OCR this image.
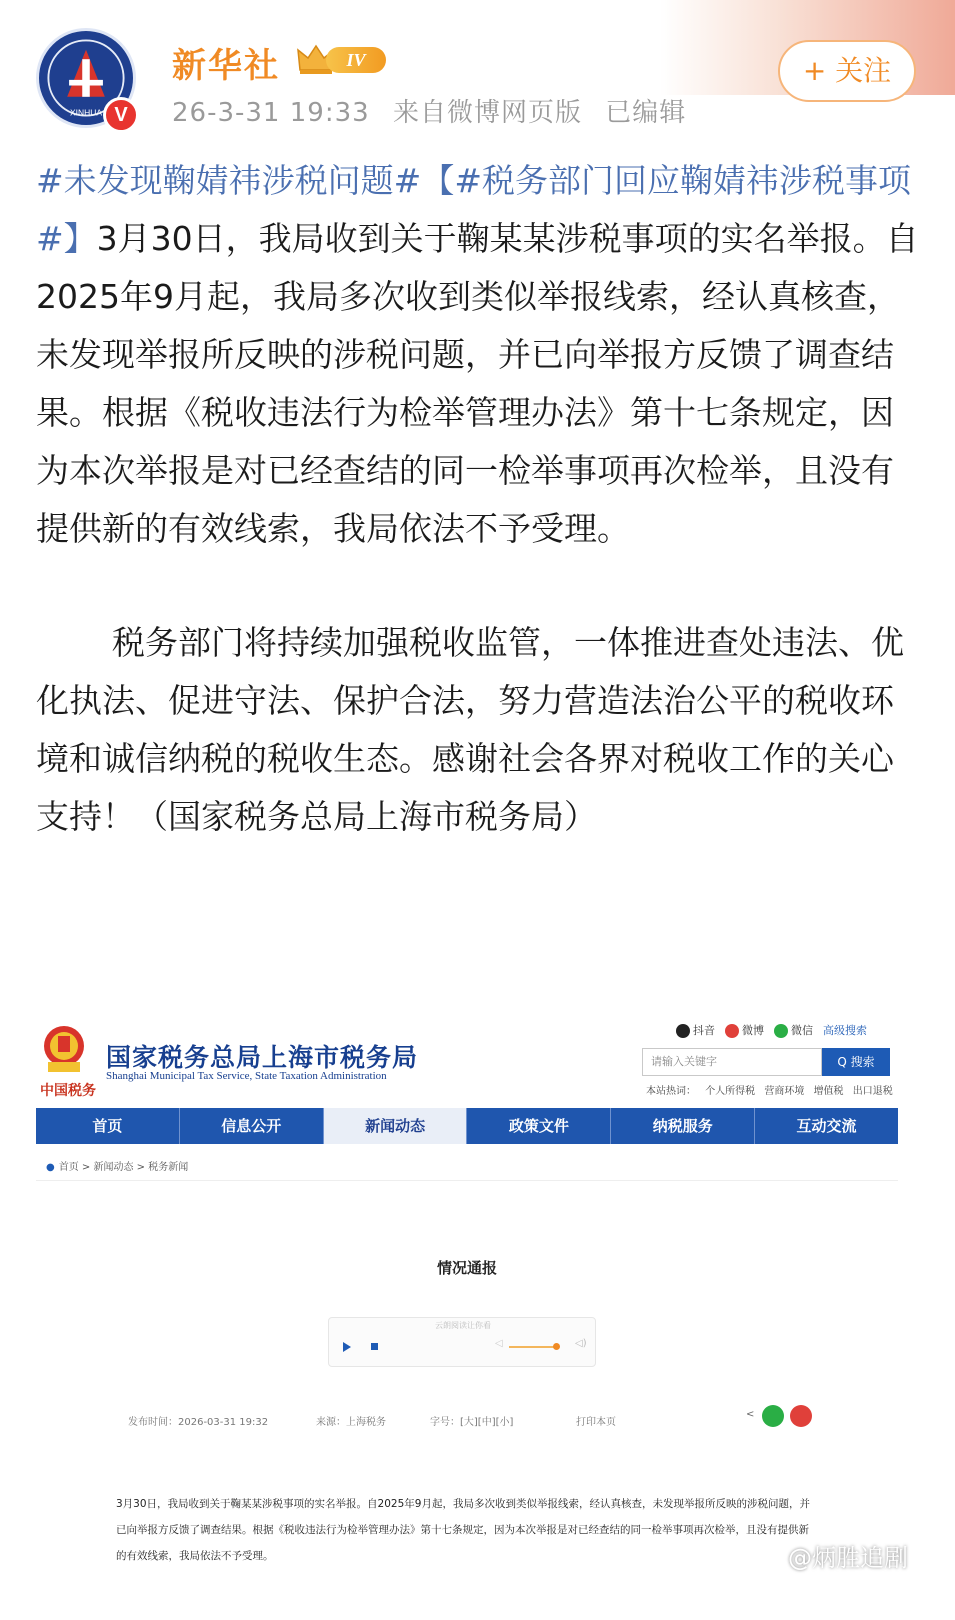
XINHUA V
新华社	IV
26-3-31 19:33 来自微博网页版 已编辑
+ 关注

#未发现鞠婧祎涉税问题#【#税务部门回应鞠婧祎涉税事项#】3月30日，我局收到关于鞠某某涉税事项的实名举报。自2025年9月起，我局多次收到类似举报线索，经认真核查，未发现举报所反映的涉税问题，并已向举报方反馈了调查结果。根据《税收违法行为检举管理办法》第十七条规定，因为本次举报是对已经查结的同一检举事项再次检举，且没有提供新的有效线索，我局依法不予受理。

税务部门将持续加强税收监管，一体推进查处违法、优化执法、促进守法、保护合法，努力营造法治公平的税收环境和诚信纳税的税收生态。感谢社会各界对税收工作的关心支持！（国家税务总局上海市税务局）

中国税务
国家税务总局上海市税务局
Shanghai Municipal Tax Service, State Taxation Administration
抖音	微博	微信 高级搜索
请输入关键字	Q 搜索
本站热词： 个人所得税 营商环境 增值税 出口退税
首页	信息公开	新闻动态	政策文件	纳税服务	互动交流
● 首页 > 新闻动态 > 税务新闻
情况通报
云朗阅读让你看
◁	◁)
发布时间：2026-03-31 19:32	来源：上海税务	字号：[大][中][小]	打印本页
<
3月30日，我局收到关于鞠某某涉税事项的实名举报。自2025年9月起，我局多次收到类似举报线索，经认真核查，未发现举报所反映的涉税问题，并已向举报方反馈了调查结果。根据《税收违法行为检举管理办法》第十七条规定，因为本次举报是对已经查结的同一检举事项再次检举，且没有提供新的有效线索，我局依法不予受理。	@炳胜追剧
